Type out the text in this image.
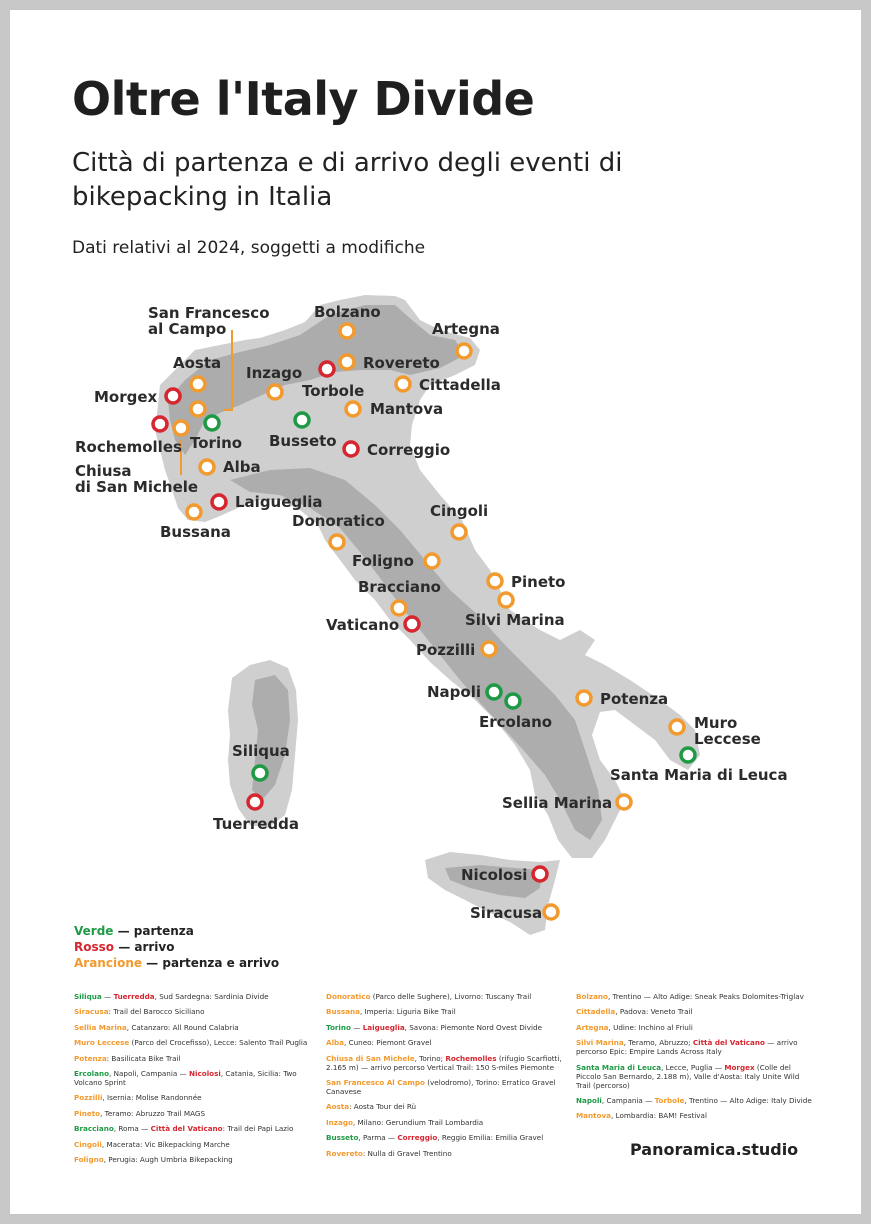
Oltre l'Italy Divide
Città di partenza e di arrivo degli eventi di bikepacking in Italia
Dati relativi al 2024, soggetti a modifiche
Bolzano
Artegna
San Francesco
al Campo
Rovereto
Torbole
Inzago
Cittadella
Aosta
Morgex
Mantova
Busseto Correggio
Rochemolles Torino
Chiusa
di San Michele
Alba
Laigueglia
Bussana
Donoratico
Cingoli
Foligno
Pineto
Bracciano
Silvi Marina
Vaticano
Pozzilli
Napoli
Ercolano
Potenza
Muro
Leccese
Santa Maria di Leuca
Siliqua
Tuerredda
Sellia Marina
Nicolosi
Siracusa
Verde — partenza
Rosso — arrivo
Arancione — partenza e arrivo
Siliqua — Tuerredda, Sud Sardegna: Sardinia Divide
Siracusa: Trail del Barocco Siciliano
Sellia Marina, Catanzaro: All Round Calabria
Muro Leccese (Parco del Crocefisso), Lecce: Salento Trail Puglia
Potenza: Basilicata Bike Trail
Ercolano, Napoli, Campania — Nicolosi, Catania, Sicilia: Two Volcano Sprint
Pozzilli, Isernia: Molise Randonnée
Pineto, Teramo: Abruzzo Trail MAGS
Bracciano, Roma — Città del Vaticano: Trail dei Papi Lazio
Cingoli, Macerata: Vic Bikepacking Marche
Foligno, Perugia: Augh Umbria Bikepacking
Donoratico (Parco delle Sughere), Livorno: Tuscany Trail
Bussana, Imperia: Liguria Bike Trail
Torino — Laigueglia, Savona: Piemonte Nord Ovest Divide
Alba, Cuneo: Piemont Gravel
Chiusa di San Michele, Torino; Rochemolles (rifugio Scarfiotti, 2.165 m) — arrivo percorso Vertical Trail: 150 S-miles Piemonte
San Francesco Al Campo (velodromo), Torino: Erratico Gravel Canavese
Aosta: Aosta Tour dei Rù
Inzago, Milano: Gerundium Trail Lombardia
Busseto, Parma — Correggio, Reggio Emilia: Emilia Gravel
Rovereto: Nulla di Gravel Trentino
Bolzano, Trentino — Alto Adige: Sneak Peaks Dolomites-Triglav
Cittadella, Padova: Veneto Trail
Artegna, Udine: Inchino al Friuli
Silvi Marina, Teramo, Abruzzo; Città del Vaticano — arrivo percorso Epic: Empire Lands Across Italy
Santa Maria di Leuca, Lecce, Puglia — Morgex (Colle del Piccolo San Bernardo, 2.188 m), Valle d'Aosta: Italy Unite Wild Trail (percorso)
Napoli, Campania — Torbole, Trentino — Alto Adige: Italy Divide
Mantova, Lombardia: BAM! Festival
Panoramica.studio
